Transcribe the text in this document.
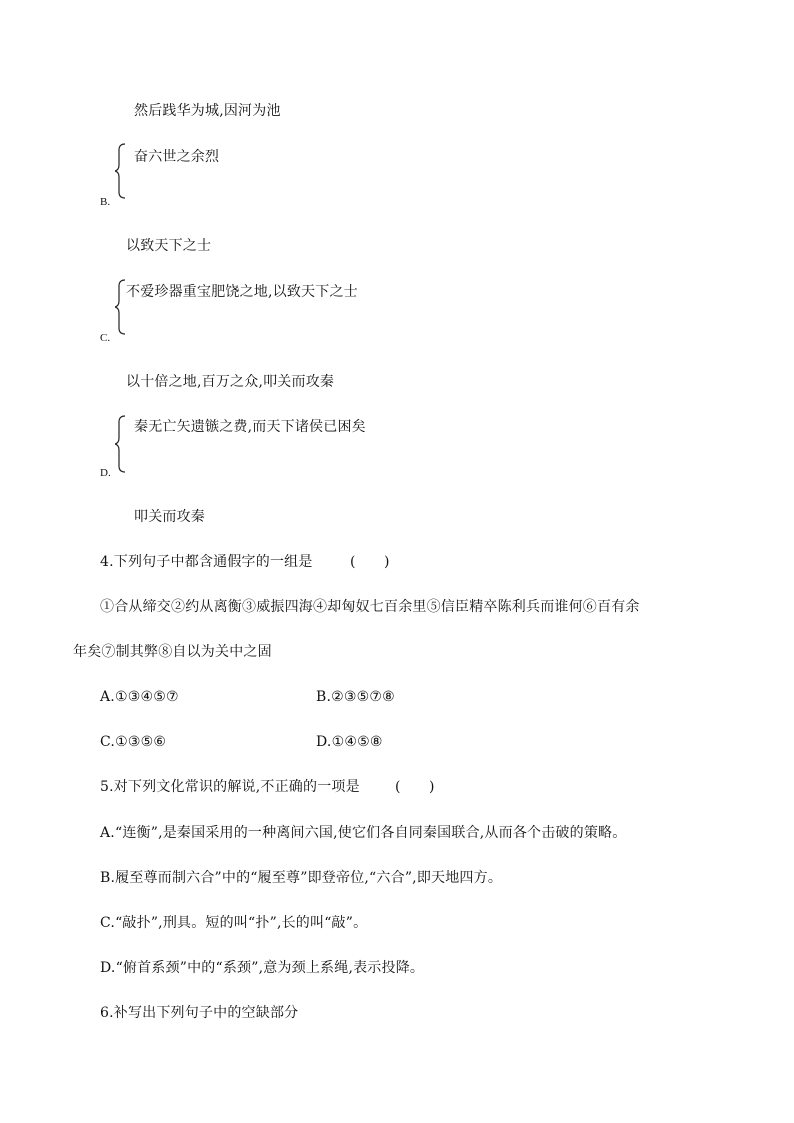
然后践华为城,因河为池
奋六世之余烈
B.
以致天下之士
不爱珍器重宝肥饶之地,以致天下之士
C.
以十倍之地,百万之众,叩关而攻秦
秦无亡矢遗镞之费,而天下诸侯已困矣
D.
叩关而攻秦
4.下列句子中都含通假字的一组是	(　　)
①合从缔交②约从离衡③威振四海④却匈奴七百余里⑤信臣精卒陈利兵而谁何⑥百有余
年矣⑦制其弊⑧自以为关中之固
A.①③④⑤⑦	B.②③⑤⑦⑧
C.①③⑤⑥	D.①④⑤⑧
5.对下列文化常识的解说,不正确的一项是	(　　)
A.“连衡”,是秦国采用的一种离间六国,使它们各自同秦国联合,从而各个击破的策略。
B.履至尊而制六合”中的“履至尊”即登帝位,“六合”,即天地四方。
C.“敲扑”,刑具。短的叫“扑”,长的叫“敲”。
D.“俯首系颈”中的“系颈”,意为颈上系绳,表示投降。
6.补写出下列句子中的空缺部分
